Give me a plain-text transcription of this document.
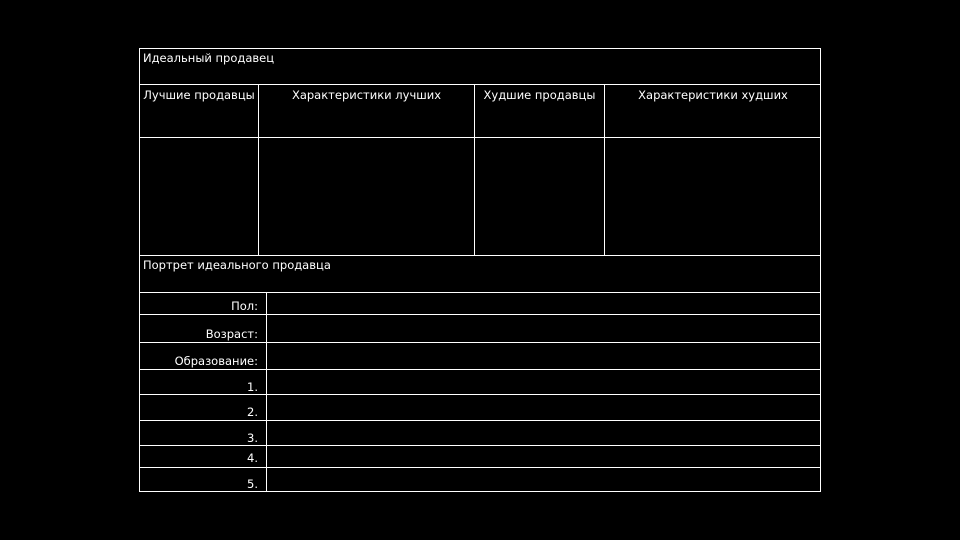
Идеальный продавец
Лучшие продавцы	Характеристики лучших	Худшие продавцы	Характеристики худших
Портрет идеального продавца
Пол:
Возраст:
Образование:
1.
2.
3.
4.
5.
